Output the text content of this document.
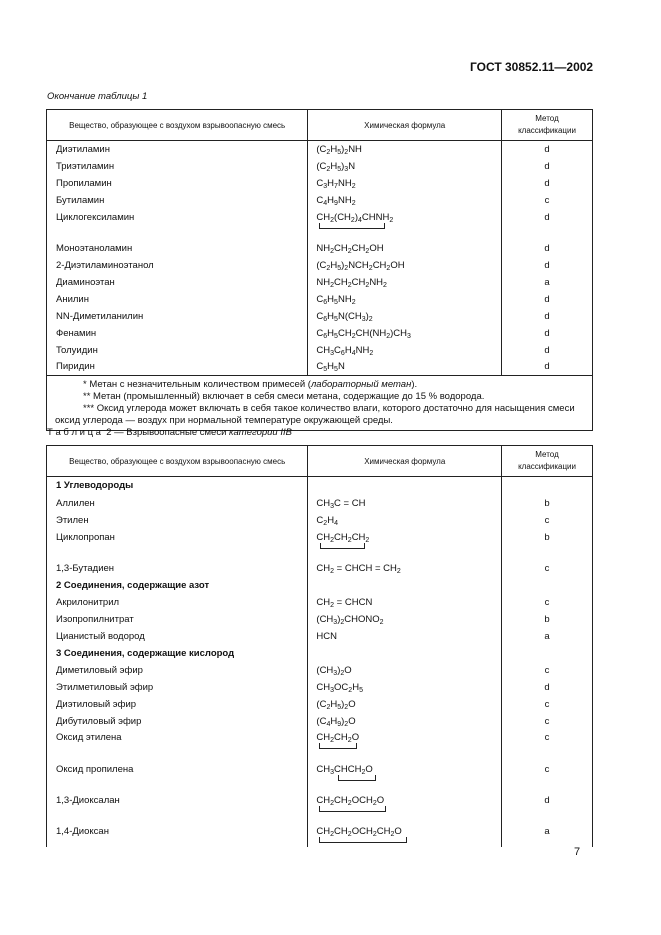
ГОСТ 30852.11—2002
Окончание таблицы 1
Вещество, образующее с воздухом взрывоопасную смесь	Химическая формула	Метод классификации
Диэтиламин	$(C_2H_5)_2NH$	d
Триэтиламин	$(C_2H_5)_3N$	d
Пропиламин	$C_3H_7NH_2$	d
Бутиламин	$C_4H_9NH_2$	c
Циклогексиламин	$CH_2(CH_2)_4CHNH_2$	d
Моноэтаноламин	$NH_2CH_2CH_2OH$	d
2-Диэтиламиноэтанол	$(C_2H_5)_2NCH_2CH_2OH$	d
Диаминоэтан	$NH_2CH_2CH_2NH_2$	a
Анилин	$C_6H_5NH_2$	d
NN-Диметиланилин	$C_6H_5N(CH_3)_2$	d
Фенамин	$C_6H_5CH_2CH(NH_2)CH_3$	d
Толуидин	$CH_3C_6H_4NH_2$	d
Пиридин	$C_5H_5N$	d

* Метан с незначительным количеством примесей (лабораторный метан).
** Метан (промышленный) включает в себя смеси метана, содержащие до 15 % водорода.
*** Оксид углерода может включать в себя такое количество влаги, которого достаточно для насыщения смеси оксид углерода — воздух при нормальной температуре окружающей среды.		
Т а б л и ц а  2 — Взрывоопасные смеси категории IIB
Вещество, образующее с воздухом взрывоопасную смесь	Химическая формула	Метод классификации
1 Углеводороды		
Аллилен	$CH_3C$ = CH	b
Этилен	$C_2H_4$	c
Циклопропан	$CH_2CH_2CH_2$	b
1,3-Бутадиен	$CH_2$ = CHCH = $CH_2$	c
2 Соединения, содержащие азот		
Акрилонитрил	$CH_2$ = CHCN	c
Изопропилнитрат	$(CH_3)_2CHONO_2$	b
Цианистый водород	HCN	a
3 Соединения, содержащие кислород		
Диметиловый эфир	$(CH_3)_2O$	c
Этилметиловый эфир	$CH_3OC_2H_5$	d
Диэтиловый эфир	$(C_2H_5)_2O$	c
Дибутиловый эфир	$(C_4H_9)_2O$	c
Оксид этилена	$CH_2CH_2O$	c
Оксид пропилена	$CH_3CHCH_2O$	c
1,3-Диоксалан	$CH_2CH_2OCH_2O$	d
1,4-Диоксан	$CH_2CH_2OCH_2CH_2O$	a
7
